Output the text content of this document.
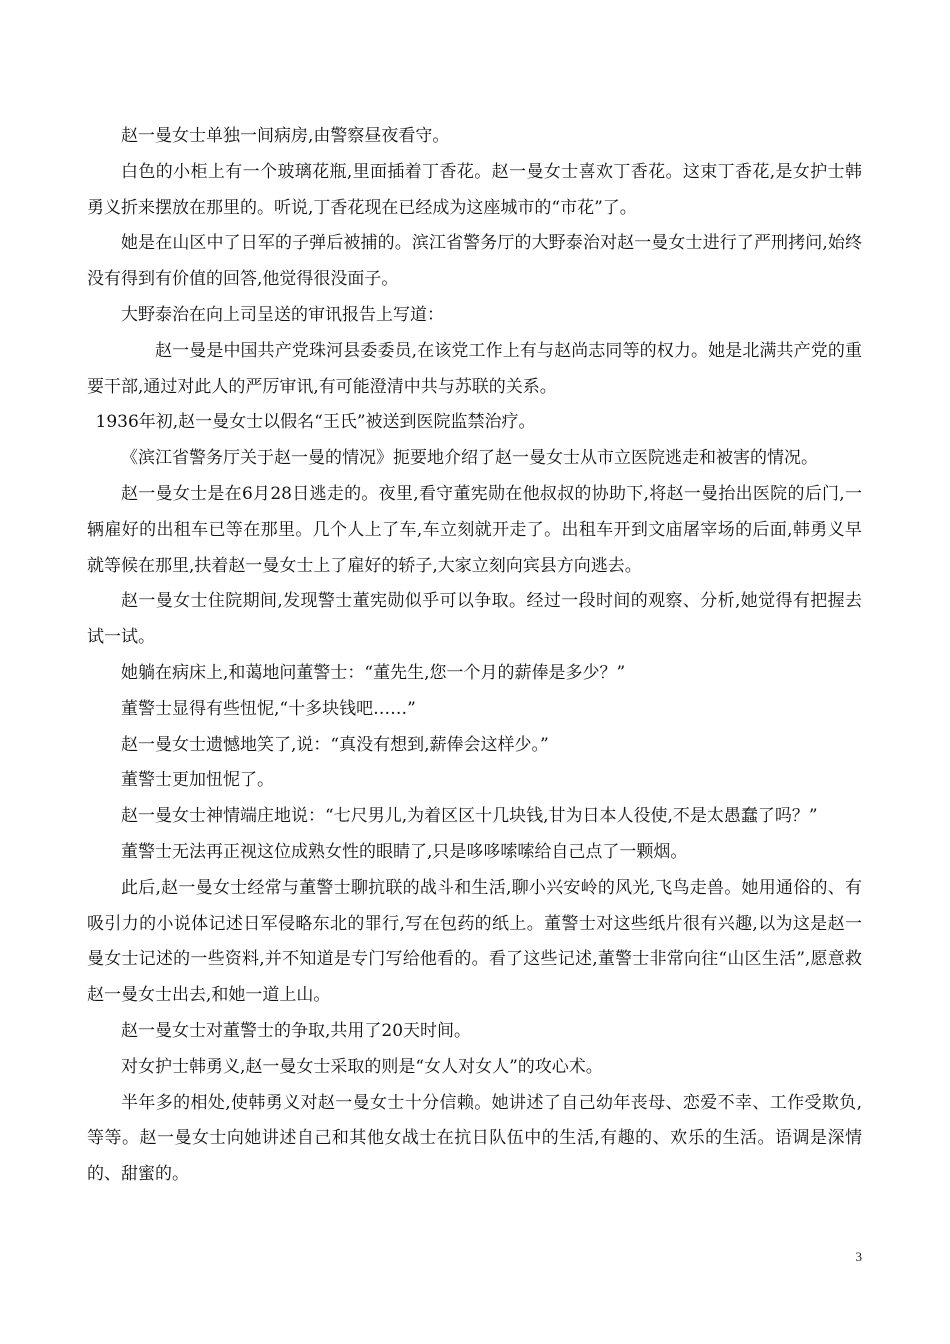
赵一曼女士单独一间病房,由警察昼夜看守。

白色的小柜上有一个玻璃花瓶,里面插着丁香花。赵一曼女士喜欢丁香花。这束丁香花,是女护士韩勇义折来摆放在那里的。听说,丁香花现在已经成为这座城市的“市花”了。

她是在山区中了日军的子弹后被捕的。滨江省警务厅的大野泰治对赵一曼女士进行了严刑拷问,始终没有得到有价值的回答,他觉得很没面子。

大野泰治在向上司呈送的审讯报告上写道：

赵一曼是中国共产党珠河县委委员,在该党工作上有与赵尚志同等的权力。她是北满共产党的重要干部,通过对此人的严厉审讯,有可能澄清中共与苏联的关系。

1936年初,赵一曼女士以假名“王氏”被送到医院监禁治疗。

《滨江省警务厅关于赵一曼的情况》扼要地介绍了赵一曼女士从市立医院逃走和被害的情况。

赵一曼女士是在6月28日逃走的。夜里,看守董宪勋在他叔叔的协助下,将赵一曼抬出医院的后门,一辆雇好的出租车已等在那里。几个人上了车,车立刻就开走了。出租车开到文庙屠宰场的后面,韩勇义早就等候在那里,扶着赵一曼女士上了雇好的轿子,大家立刻向宾县方向逃去。

赵一曼女士住院期间,发现警士董宪勋似乎可以争取。经过一段时间的观察、分析,她觉得有把握去试一试。

她躺在病床上,和蔼地问董警士：“董先生,您一个月的薪俸是多少？”

董警士显得有些忸怩,“十多块钱吧……”

赵一曼女士遗憾地笑了,说：“真没有想到,薪俸会这样少。”

董警士更加忸怩了。

赵一曼女士神情端庄地说：“七尺男儿,为着区区十几块钱,甘为日本人役使,不是太愚蠢了吗？”

董警士无法再正视这位成熟女性的眼睛了,只是哆哆嗦嗦给自己点了一颗烟。

此后,赵一曼女士经常与董警士聊抗联的战斗和生活,聊小兴安岭的风光,飞鸟走兽。她用通俗的、有吸引力的小说体记述日军侵略东北的罪行,写在包药的纸上。董警士对这些纸片很有兴趣,以为这是赵一曼女士记述的一些资料,并不知道是专门写给他看的。看了这些记述,董警士非常向往“山区生活”,愿意救赵一曼女士出去,和她一道上山。

赵一曼女士对董警士的争取,共用了20天时间。

对女护士韩勇义,赵一曼女士采取的则是“女人对女人”的攻心术。

半年多的相处,使韩勇义对赵一曼女士十分信赖。她讲述了自己幼年丧母、恋爱不幸、工作受欺负,等等。赵一曼女士向她讲述自己和其他女战士在抗日队伍中的生活,有趣的、欢乐的生活。语调是深情的、甜蜜的。

3
